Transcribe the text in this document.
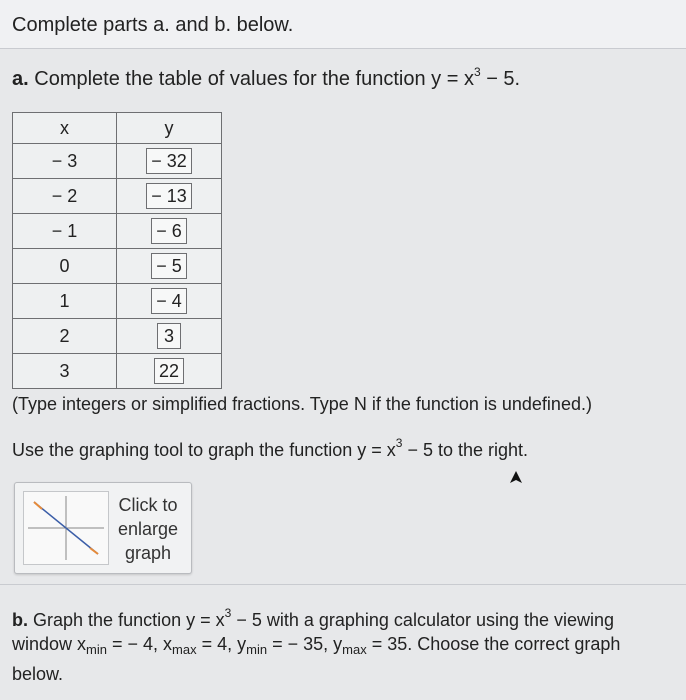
Complete parts a. and b. below.
a. Complete the table of values for the function $y = x^3 - 5$.
x	y
− 3	− 32
− 2	− 13
− 1	− 6
0	− 5
1	− 4
2	3
3	22
(Type integers or simplified fractions. Type N if the function is undefined.)
Use the graphing tool to graph the function $y = x^3 - 5$ to the right.
Click to enlarge graph
b. Graph the function $y = x^3 - 5$ with a graphing calculator using the viewing window $x_{min}$ = − 4, $x_{max} = 4$, $y_{min}$ = − 35, $y_{max} = 35$. Choose the correct graph below.
